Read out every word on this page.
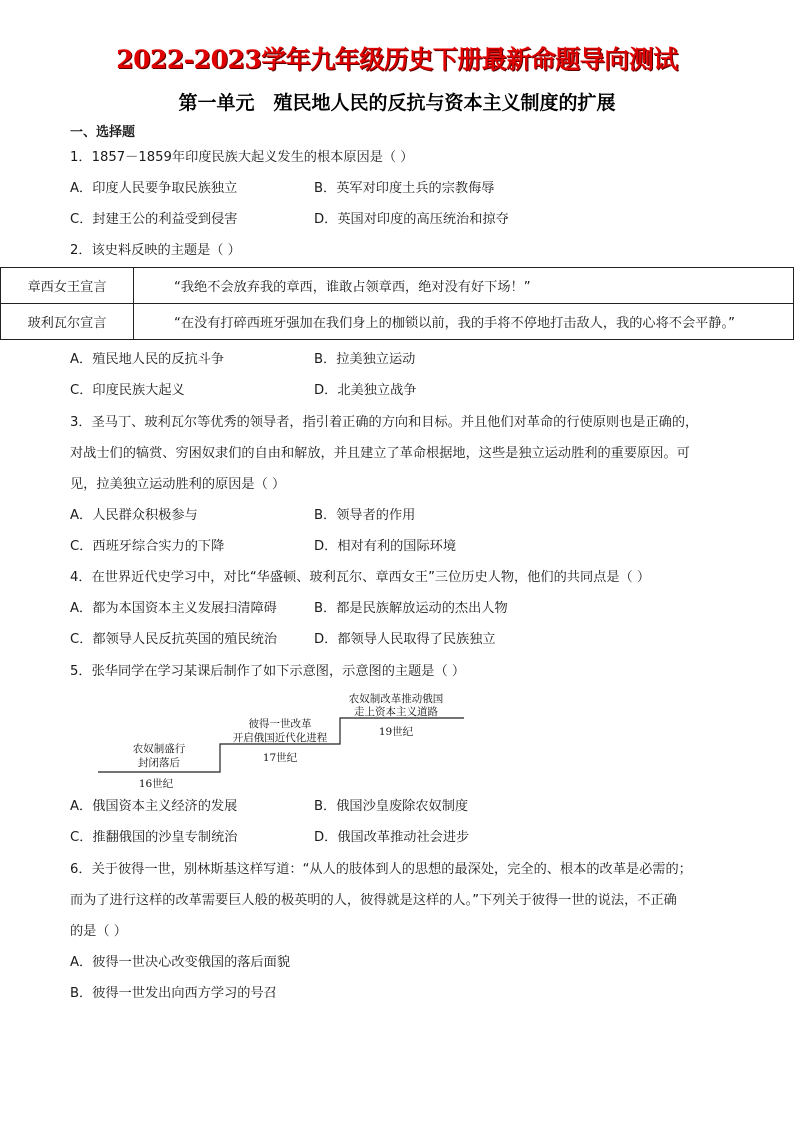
2022-2023学年九年级历史下册最新命题导向测试
第一单元　殖民地人民的反抗与资本主义制度的扩展
一、选择题
1．1857－1859年印度民族大起义发生的根本原因是（ ）
A．印度人民要争取民族独立	B．英军对印度土兵的宗教侮辱
C．封建王公的利益受到侵害	D．英国对印度的高压统治和掠夺
2．该史料反映的主题是（ ）
章西女王宣言	“我绝不会放弃我的章西，谁敢占领章西，绝对没有好下场！”
玻利瓦尔宣言	“在没有打碎西班牙强加在我们身上的枷锁以前，我的手将不停地打击敌人，我的心将不会平静。”
A．殖民地人民的反抗斗争	B．拉美独立运动
C．印度民族大起义	D．北美独立战争
3．圣马丁、玻利瓦尔等优秀的领导者，指引着正确的方向和目标。并且他们对革命的行使原则也是正确的，
对战士们的犒赏、穷困奴隶们的自由和解放，并且建立了革命根据地，这些是独立运动胜利的重要原因。可
见，拉美独立运动胜利的原因是（ ）
A．人民群众积极参与	B．领导者的作用
C．西班牙综合实力的下降	D．相对有利的国际环境
4．在世界近代史学习中，对比“华盛顿、玻利瓦尔、章西女王”三位历史人物，他们的共同点是（ ）
A．都为本国资本主义发展扫清障碍	B．都是民族解放运动的杰出人物
C．都领导人民反抗英国的殖民统治	D．都领导人民取得了民族独立
5．张华同学在学习某课后制作了如下示意图，示意图的主题是（ ）
农奴制盛行
封闭落后
16世纪
彼得一世改革
开启俄国近代化进程
17世纪
农奴制改革推动俄国
走上资本主义道路
19世纪
A．俄国资本主义经济的发展	B．俄国沙皇废除农奴制度
C．推翻俄国的沙皇专制统治	D．俄国改革推动社会进步
6．关于彼得一世，别林斯基这样写道：“从人的肢体到人的思想的最深处，完全的、根本的改革是必需的；
而为了进行这样的改革需要巨人般的极英明的人，彼得就是这样的人。”下列关于彼得一世的说法，不正确
的是（ ）
A．彼得一世决心改变俄国的落后面貌
B．彼得一世发出向西方学习的号召
